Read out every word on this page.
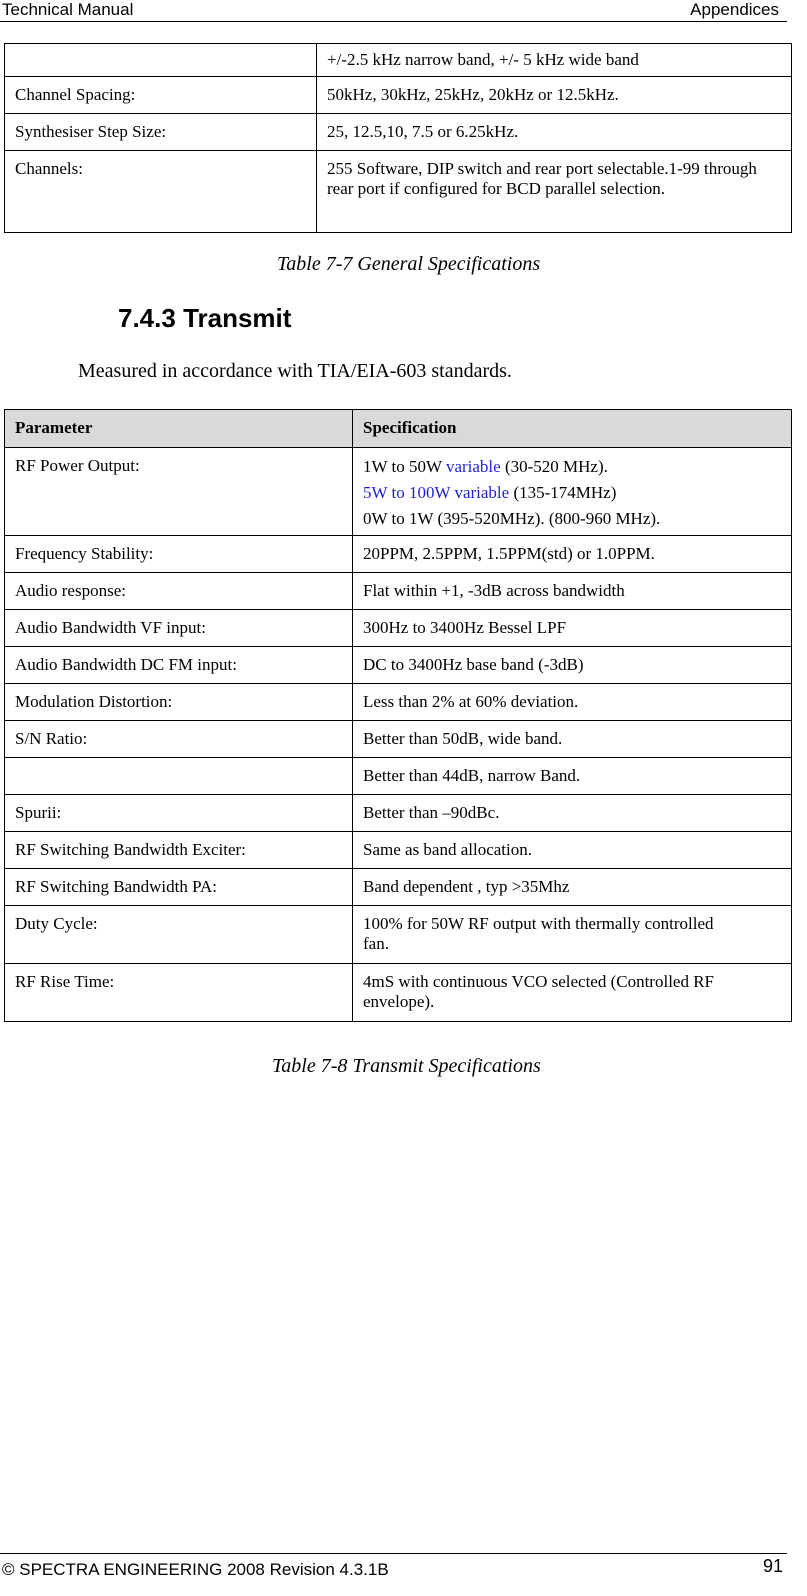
Technical Manual	Appendices
	+/-2.5 kHz narrow band, +/- 5 kHz wide band
Channel Spacing:	50kHz, 30kHz, 25kHz, 20kHz or 12.5kHz.
Synthesiser Step Size:	25, 12.5,10, 7.5 or 6.25kHz.
Channels:	255 Software, DIP switch and rear port selectable.1-99 through rear port if configured for BCD parallel selection.
Table 7-7 General Specifications
7.4.3 Transmit
Measured in accordance with TIA/EIA-603 standards.
Parameter	Specification
RF Power Output:	1W to 50W variable (30-520 MHz).
5W to 100W variable (135-174MHz)
0W to 1W (395-520MHz). (800-960 MHz).

Frequency Stability:	20PPM, 2.5PPM, 1.5PPM(std) or 1.0PPM.
Audio response:	Flat within +1, -3dB across bandwidth
Audio Bandwidth VF input:	300Hz to 3400Hz Bessel LPF
Audio Bandwidth DC FM input:	DC to 3400Hz base band (-3dB)
Modulation Distortion:	Less than 2% at 60% deviation.
S/N Ratio:	Better than 50dB, wide band.
	Better than 44dB, narrow Band.
Spurii:	Better than –90dBc.
RF Switching Bandwidth Exciter:	Same as band allocation.
RF Switching Bandwidth PA:	Band dependent , typ >35Mhz
Duty Cycle:	100% for 50W RF output with thermally controlled fan.
RF Rise Time:	4mS with continuous VCO selected (Controlled RF envelope).
Table 7-8 Transmit Specifications
© SPECTRA ENGINEERING 2008 Revision 4.3.1B	91
